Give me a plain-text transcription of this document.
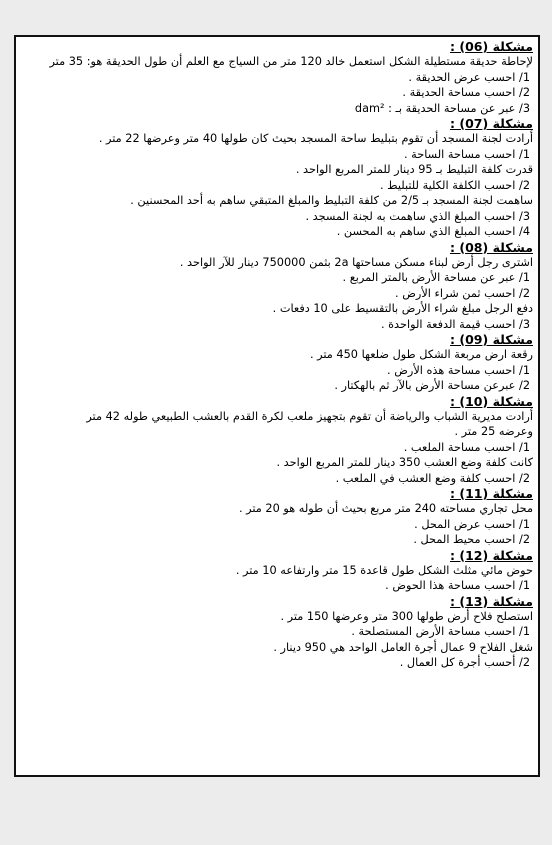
مشكلة (06) :
لإحاطة حديقة مستطيلة الشكل استعمل خالد 120 متر من السياج مع العلم أن طول الحديقة هو: 35 متر
1/ احسب عرض الحديقة .
2/ احسب مساحة الحديقة .
3/ عبر عن مساحة الحديقة بـ : dam²
مشكلة (07) :
أرادت لجنة المسجد أن تقوم بتبليط ساحة المسجد بحيث كان طولها 40 متر وعرضها 22 متر .
1/ احسب مساحة الساحة .
قدرت كلفة التبليط بـ 95 دينار للمتر المربع الواحد .
2/ احسب الكلفة الكلية للتبليط .
ساهمت لجنة المسجد بـ 2/5 من كلفة التبليط والمبلغ المتبقي ساهم به أحد المحسنين .
3/ احسب المبلغ الذي ساهمت به لجنة المسجد .
4/ احسب المبلغ الذي ساهم به المحسن .
مشكلة (08) :
اشترى رجل أرض لبناء مسكن مساحتها 2a بثمن 750000 دينار للآر الواحد .
1/ عبر عن مساحة الأرض بالمتر المربع .
2/ احسب ثمن شراء الأرض .
دفع الرجل مبلغ شراء الأرض بالتقسيط على 10 دفعات .
3/ احسب قيمة الدفعة الواحدة .
مشكلة (09) :
رقعة ارض مربعة الشكل طول ضلعها 450 متر .
1/ احسب مساحة هذه الأرض .
2/ عبرعن مساحة الأرض بالآر ثم بالهكتار .
مشكلة (10) :
أرادت مديرية الشباب والرياضة أن تقوم بتجهيز ملعب لكرة القدم بالعشب الطبيعي طوله 42 متر
وعرضه 25 متر .
1/ احسب مساحة الملعب .
كانت كلفة وضع العشب 350 دينار للمتر المربع الواحد .
2/ احسب كلفة وضع العشب في الملعب .
مشكلة (11) :
محل تجاري مساحته 240 متر مربع بحيث أن طوله هو 20 متر .
1/ احسب عرض المحل .
2/ احسب محيط المحل .
مشكلة (12) :
حوض مائي مثلث الشكل طول قاعدة 15 متر وارتفاعه 10 متر .
1/ احسب مساحة هذا الحوض .
مشكلة (13) :
استصلح فلاح أرض طولها 300 متر وعرضها 150 متر .
1/ احسب مساحة الأرض المستصلحة .
شغل الفلاح 9 عمال أجرة العامل الواحد هي 950 دينار .
2/ أحسب أجرة كل العمال .
